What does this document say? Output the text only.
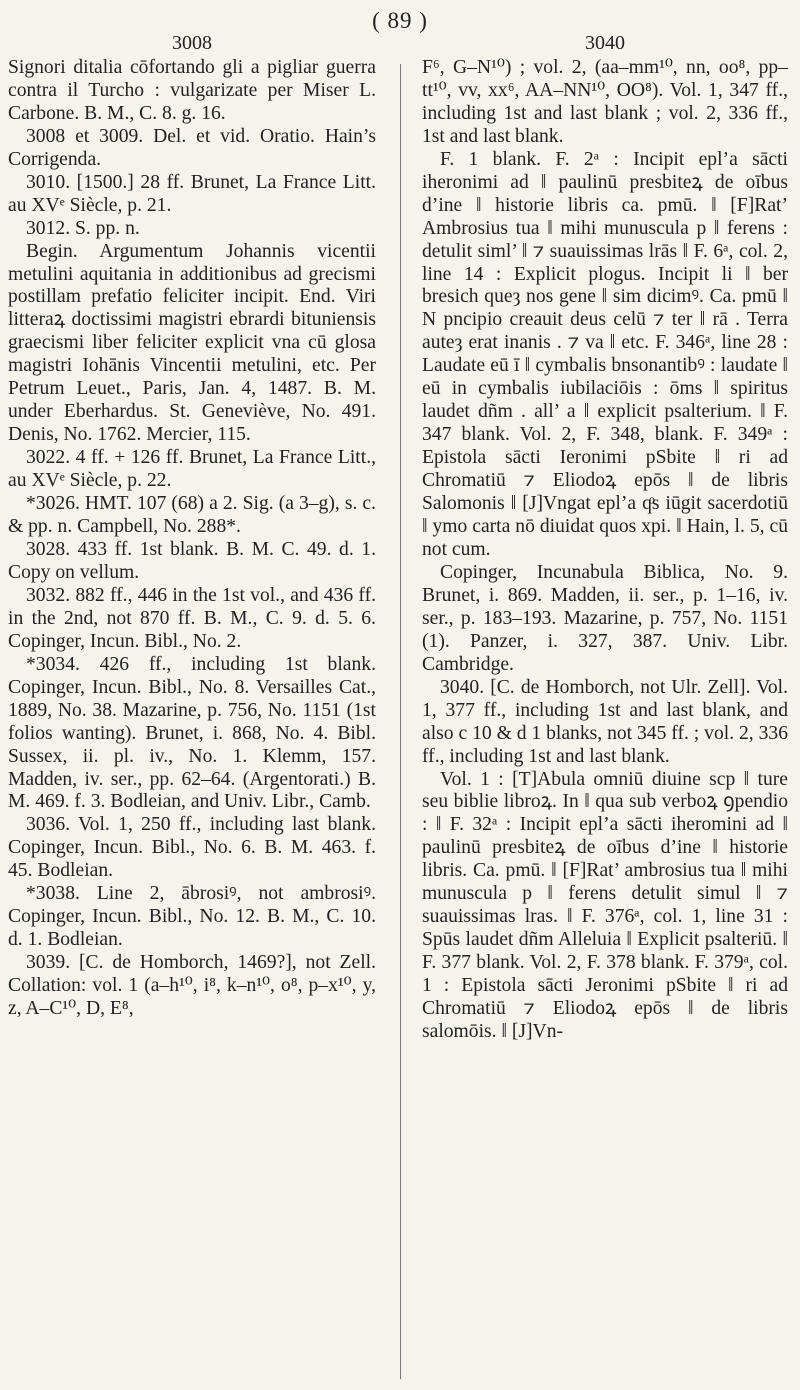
( 89 )
3008

Signori ditalia cōfortando gli a pigliar guerra contra il Turcho : vulgarizate per Miser L. Carbone. B. M., C. 8. g. 16.

3008 et 3009. Del. et vid. Oratio. Hain’s Corrigenda.

3010. [1500.] 28 ff. Brunet, La France Litt. au XVᵉ Siècle, p. 21.

3012. S. pp. n.

Begin. Argumentum Johannis vicentii metulini aquitania in additionibus ad grecismi postillam prefatio feliciter incipit. End. Viri litteraꝝ doctissimi magistri ebrardi bituniensis graecismi liber feliciter explicit vna cū glosa magistri Iohānis Vincentii metulini, etc. Per Petrum Leuet., Paris, Jan. 4, 1487. B. M. under Eberhardus. St. Geneviève, No. 491. Denis, No. 1762. Mercier, 115.

3022. 4 ff. + 126 ff. Brunet, La France Litt., au XVᵉ Siècle, p. 22.

*3026. HMT. 107 (68) a 2. Sig. (a 3–g), s. c. & pp. n. Campbell, No. 288*.

3028. 433 ff. 1st blank. B. M. C. 49. d. 1. Copy on vellum.

3032. 882 ff., 446 in the 1st vol., and 436 ff. in the 2nd, not 870 ff. B. M., C. 9. d. 5. 6. Copinger, Incun. Bibl., No. 2.

*3034. 426 ff., including 1st blank. Copinger, Incun. Bibl., No. 8. Versailles Cat., 1889, No. 38. Mazarine, p. 756, No. 1151 (1st folios wanting). Brunet, i. 868, No. 4. Bibl. Sussex, ii. pl. iv., No. 1. Klemm, 157. Madden, iv. ser., pp. 62–64. (Argentorati.) B. M. 469. f. 3. Bodleian, and Univ. Libr., Camb.

3036. Vol. 1, 250 ff., including last blank. Copinger, Incun. Bibl., No. 6. B. M. 463. f. 45. Bodleian.

*3038. Line 2, ābrosiꝰ, not ambrosiꝰ. Copinger, Incun. Bibl., No. 12. B. M., C. 10. d. 1. Bodleian.

3039. [C. de Homborch, 1469?], not Zell. Collation: vol. 1 (a–h¹⁰, i⁸, k–n¹⁰, o⁸, p–x¹⁰, y, z, A–C¹⁰, D, E⁸,

3040

F⁶, G–N¹⁰) ; vol. 2, (aa–mm¹⁰, nn, oo⁸, pp–tt¹⁰, vv, xx⁶, AA–NN¹⁰, OO⁸). Vol. 1, 347 ff., including 1st and last blank ; vol. 2, 336 ff., 1st and last blank.

F. 1 blank. F. 2ᵃ : Incipit epl’a sācti iheronimi ad ‖ paulinū presbiteꝝ de oībus d’ine ‖ historie libris ca. pmū. ‖ [F]Rat’ Ambrosius tua ‖ mihi munuscula p ‖ ferens : detulit siml’ ‖ ⁊ suauissimas lrās ‖ F. 6ᵃ, col. 2, line 14 : Explicit plogus. Incipit li ‖ ber bresich queȝ nos gene ‖ sim dicimꝰ. Ca. pmū ‖ N pncipio creauit deus celū ⁊ ter ‖ rā . Terra auteȝ erat inanis . ⁊ va ‖ etc. F. 346ᵃ, line 28 : Laudate eū ī ‖ cymbalis bnsonantibꝰ : laudate ‖ eū in cymbalis iubilaciōis : ōms ‖ spiritus laudet dñm . all’ a ‖ explicit psalterium. ‖ F. 347 blank. Vol. 2, F. 348, blank. F. 349ᵃ : Epistola sācti Ieronimi pSbite ‖ ri ad Chromatiū ⁊ Eliodoꝝ epōs ‖ de libris Salomonis ‖ [J]Vngat epl’a qͦs iūgit sacerdotiū ‖ ymo carta nō diuidat quos xpi. ‖ Hain, l. 5, cū not cum.

Copinger, Incunabula Biblica, No. 9. Brunet, i. 869. Madden, ii. ser., p. 1–16, iv. ser., p. 183–193. Mazarine, p. 757, No. 1151 (1). Panzer, i. 327, 387. Univ. Libr. Cambridge.

3040. [C. de Homborch, not Ulr. Zell]. Vol. 1, 377 ff., including 1st and last blank, and also c 10 & d 1 blanks, not 345 ff. ; vol. 2, 336 ff., including 1st and last blank.

Vol. 1 : [T]Abula omniū diuine scp ‖ ture seu biblie libroꝝ. In ‖ qua sub verboꝝ ꝯpendio : ‖ F. 32ᵃ : Incipit epl’a sācti iheromini ad ‖ paulinū presbiteꝝ de oībus d’ine ‖ historie libris. Ca. pmū. ‖ [F]Rat’ ambrosius tua ‖ mihi munuscula p ‖ ferens detulit simul ‖ ⁊ suauissimas lras. ‖ F. 376ᵃ, col. 1, line 31 : Spūs laudet dñm Alleluia ‖ Explicit psalteriū. ‖ F. 377 blank. Vol. 2, F. 378 blank. F. 379ᵃ, col. 1 : Epistola sācti Jeronimi pSbite ‖ ri ad Chromatiū ⁊ Eliodoꝝ epōs ‖ de libris salomōis. ‖ [J]Vn-
